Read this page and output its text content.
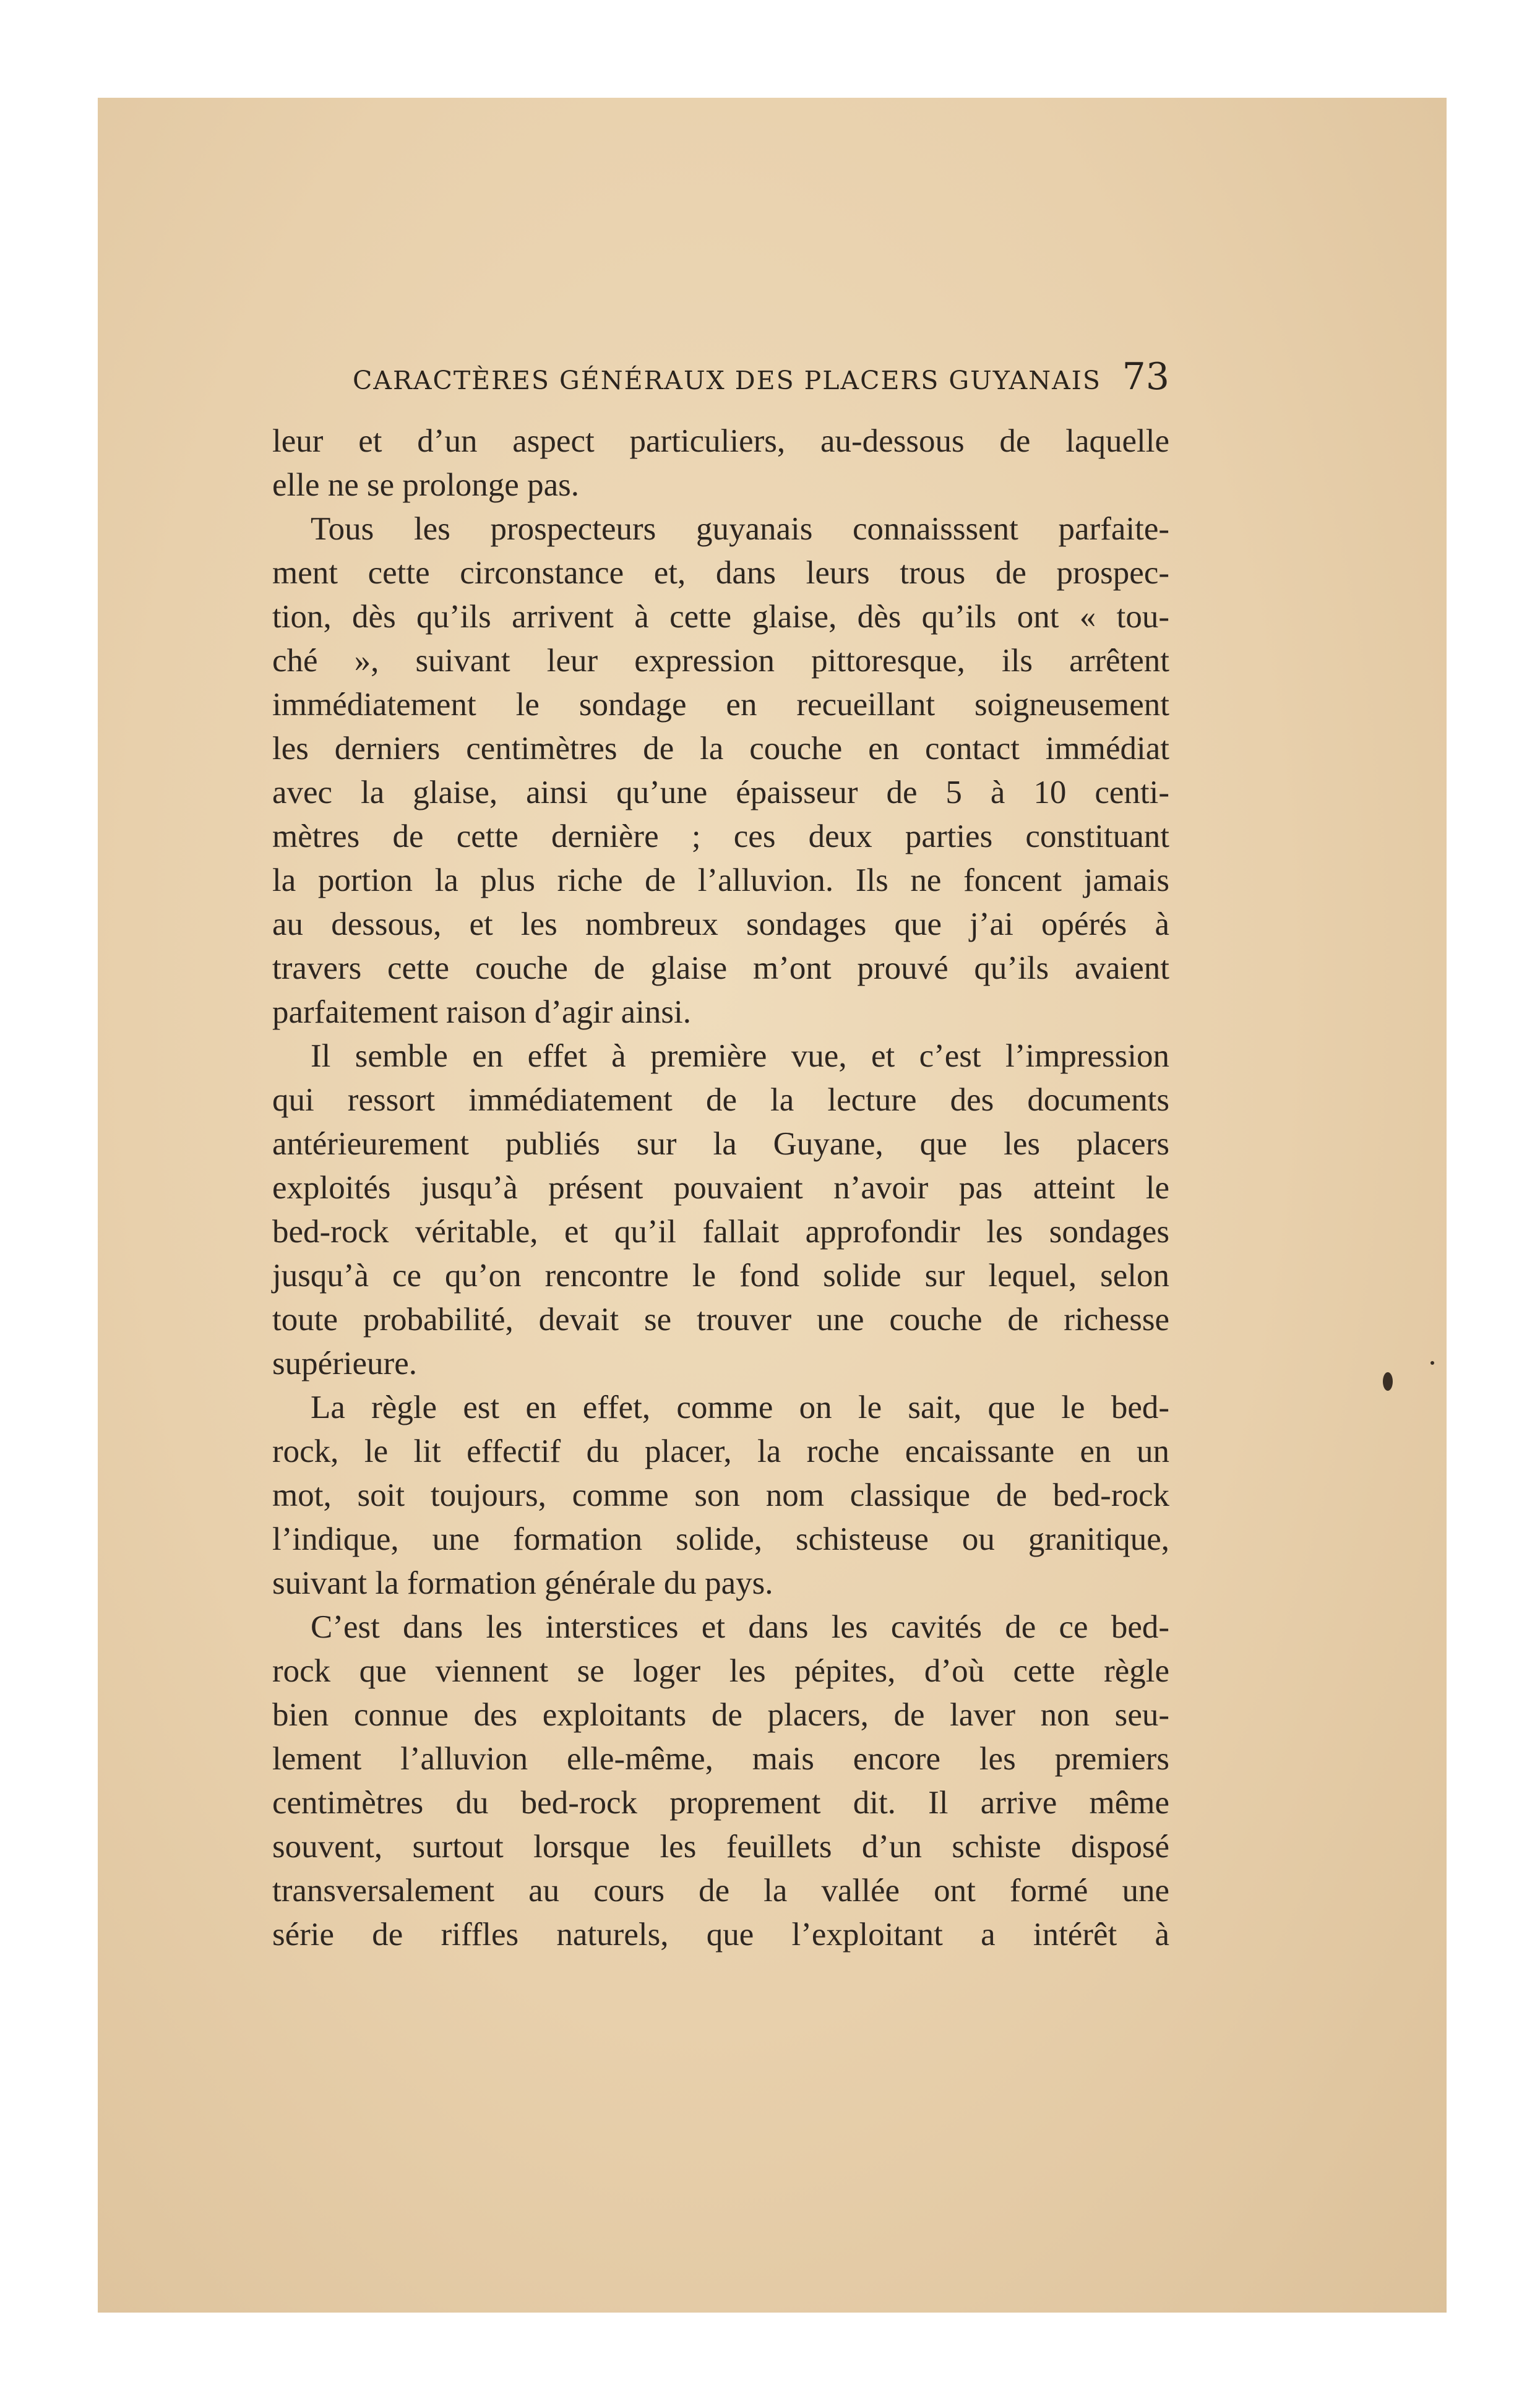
CARACTÈRES GÉNÉRAUX DES PLACERS GUYANAIS 73
leur et d’un aspect particuliers, au-dessous de laquelle
elle ne se prolonge pas.
Tous les prospecteurs guyanais connaisssent parfaite-
ment cette circonstance et, dans leurs trous de prospec-
tion, dès qu’ils arrivent à cette glaise, dès qu’ils ont « tou-
ché », suivant leur expression pittoresque, ils arrêtent
immédiatement le sondage en recueillant soigneusement
les derniers centimètres de la couche en contact immédiat
avec la glaise, ainsi qu’une épaisseur de 5 à 10 centi-
mètres de cette dernière ; ces deux parties constituant
la portion la plus riche de l’alluvion. Ils ne foncent jamais
au dessous, et les nombreux sondages que j’ai opérés à
travers cette couche de glaise m’ont prouvé qu’ils avaient
parfaitement raison d’agir ainsi.
Il semble en effet à première vue, et c’est l’impression
qui ressort immédiatement de la lecture des documents
antérieurement publiés sur la Guyane, que les placers
exploités jusqu’à présent pouvaient n’avoir pas atteint le
bed-rock véritable, et qu’il fallait approfondir les sondages
jusqu’à ce qu’on rencontre le fond solide sur lequel, selon
toute probabilité, devait se trouver une couche de richesse
supérieure.
La règle est en effet, comme on le sait, que le bed-
rock, le lit effectif du placer, la roche encaissante en un
mot, soit toujours, comme son nom classique de bed-rock
l’indique, une formation solide, schisteuse ou granitique,
suivant la formation générale du pays.
C’est dans les interstices et dans les cavités de ce bed-
rock que viennent se loger les pépites, d’où cette règle
bien connue des exploitants de placers, de laver non seu-
lement l’alluvion elle-même, mais encore les premiers
centimètres du bed-rock proprement dit. Il arrive même
souvent, surtout lorsque les feuillets d’un schiste disposé
transversalement au cours de la vallée ont formé une
série de riffles naturels, que l’exploitant a intérêt à
